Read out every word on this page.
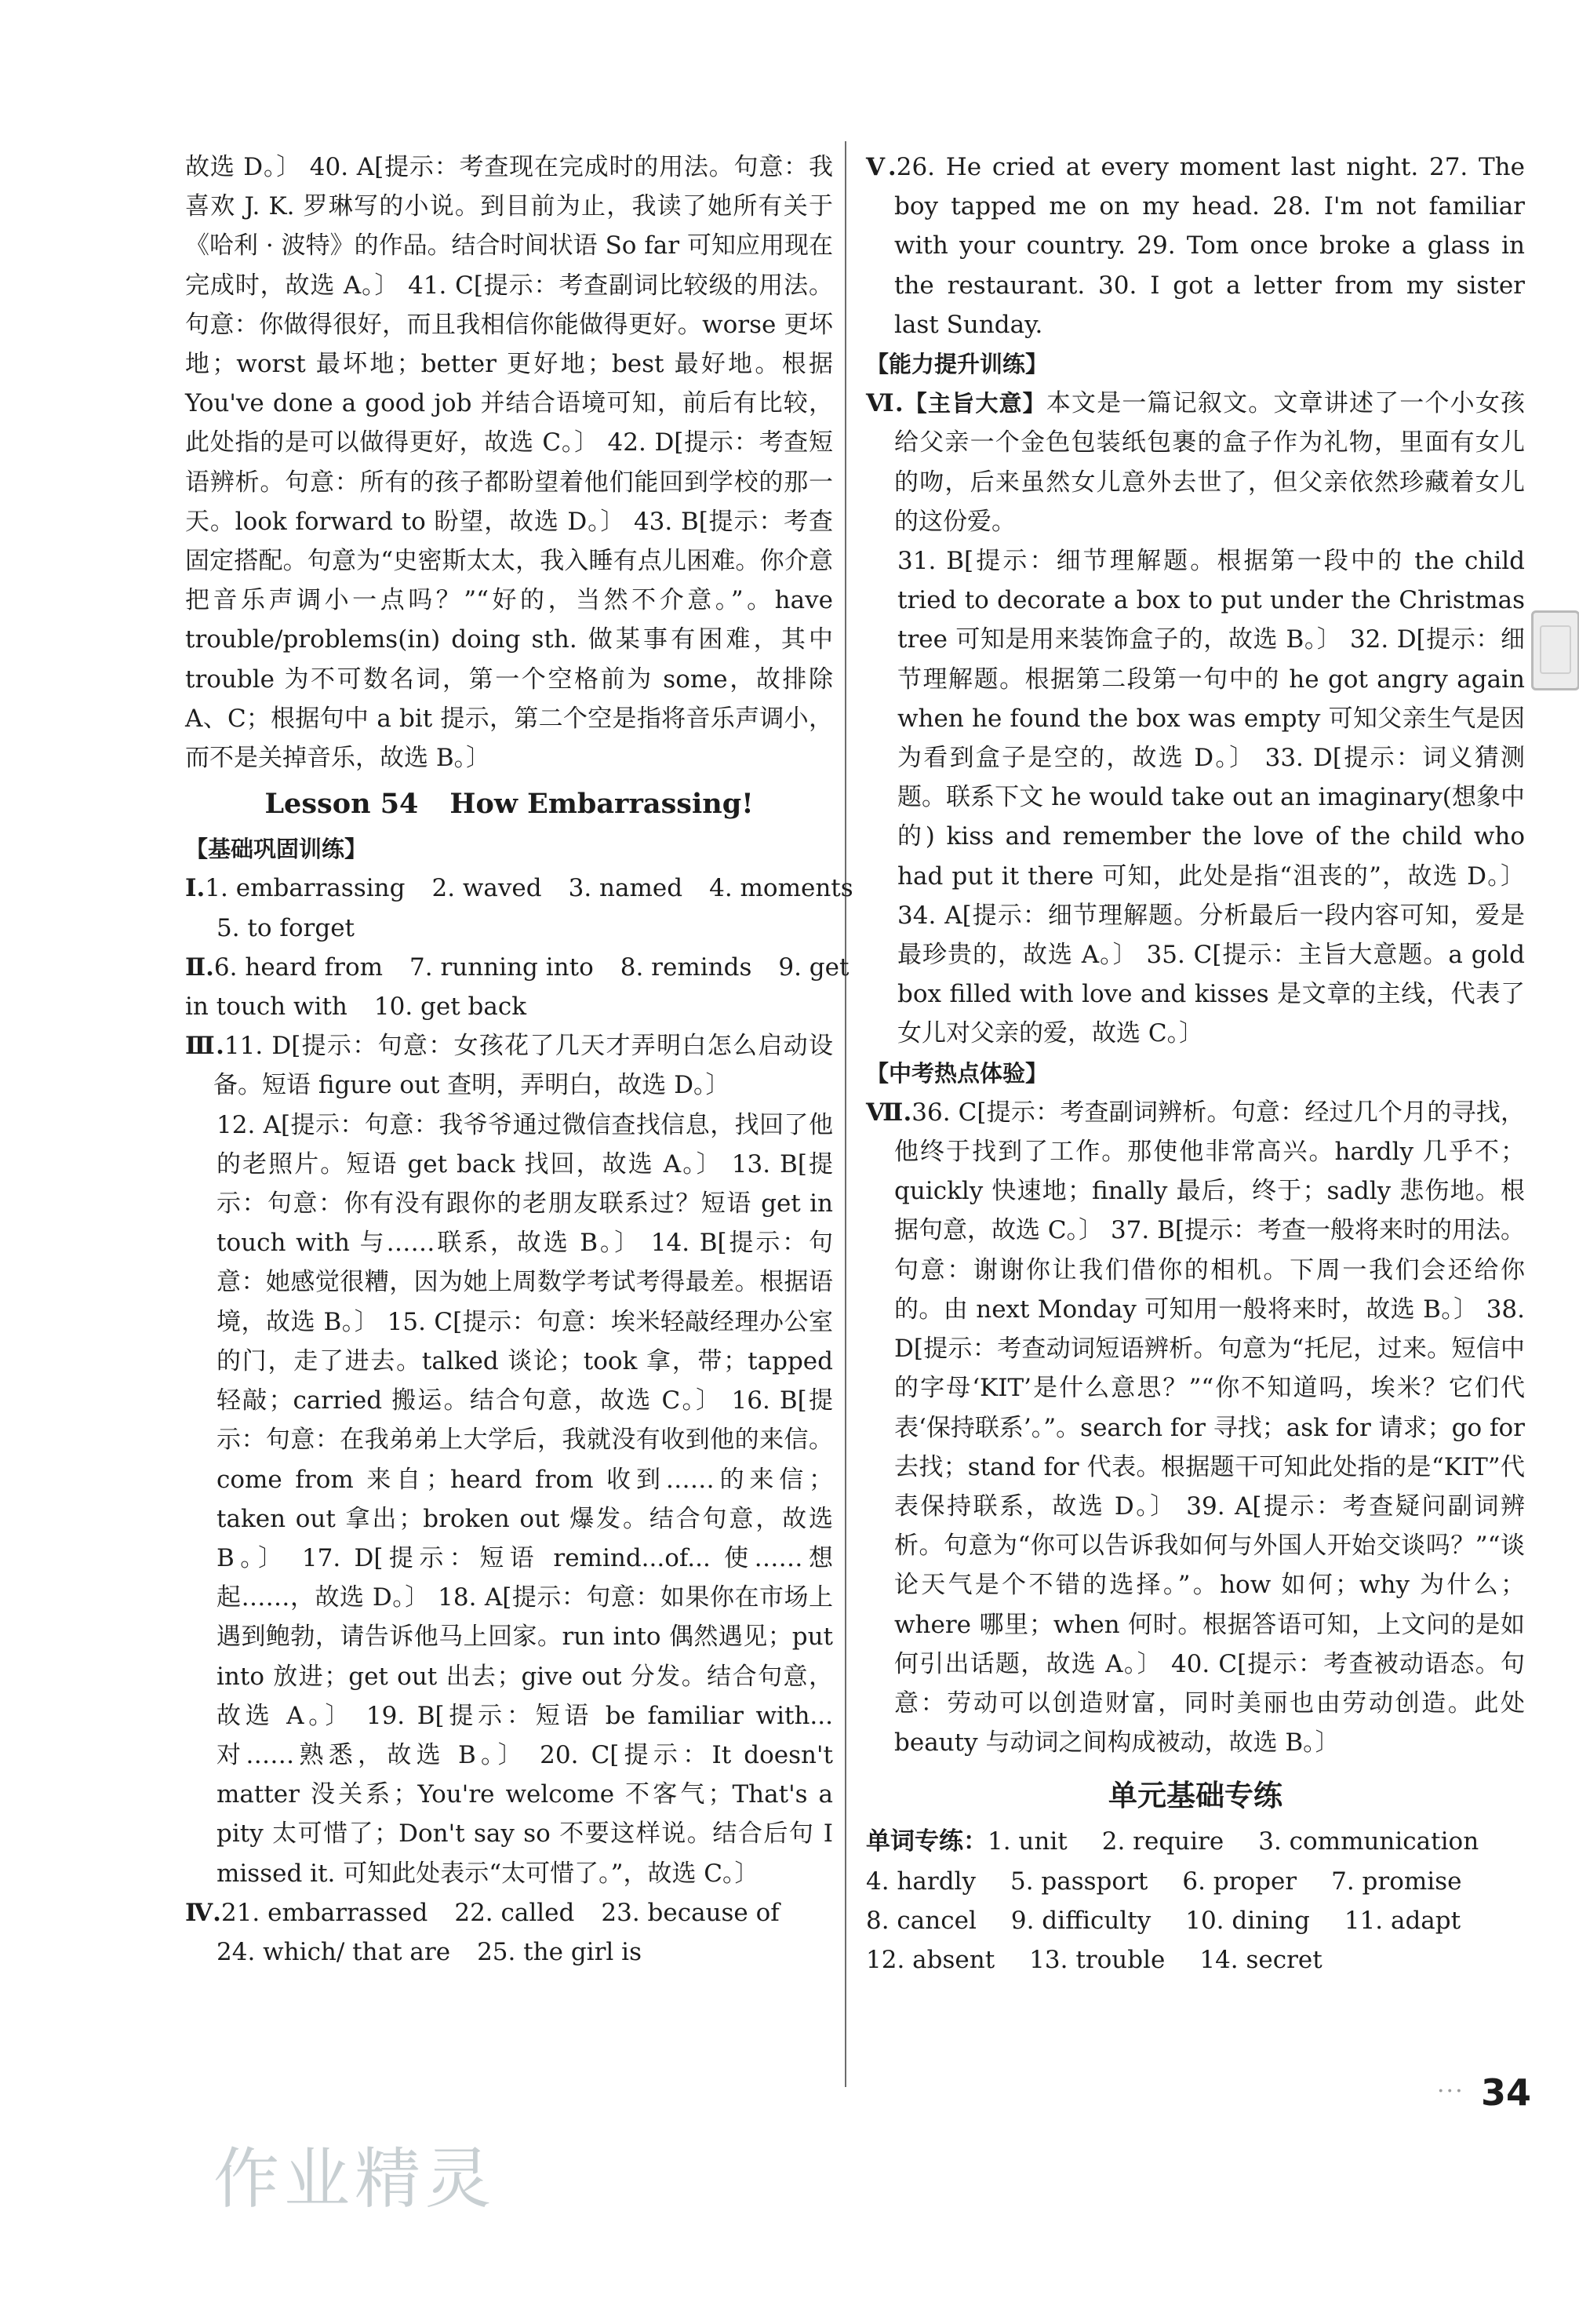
故选 D。〕 40. A[提示：考查现在完成时的用法。句意：我喜欢 J. K. 罗琳写的小说。到目前为止，我读了她所有关于《哈利 · 波特》的作品。结合时间状语 So far 可知应用现在完成时，故选 A。〕 41. C[提示：考查副词比较级的用法。句意：你做得很好，而且我相信你能做得更好。worse 更坏地；worst 最坏地；better 更好地；best 最好地。根据 You've done a good job 并结合语境可知，前后有比较，此处指的是可以做得更好，故选 C。〕 42. D[提示：考查短语辨析。句意：所有的孩子都盼望着他们能回到学校的那一天。look forward to 盼望，故选 D。〕 43. B[提示：考查固定搭配。句意为“史密斯太太，我入睡有点儿困难。你介意把音乐声调小一点吗？”“好的，当然不介意。”。have trouble/problems(in) doing sth. 做某事有困难，其中 trouble 为不可数名词，第一个空格前为 some，故排除 A、C；根据句中 a bit 提示，第二个空是指将音乐声调小，而不是关掉音乐，故选 B。〕

Lesson 54 How Embarrassing!
【基础巩固训练】
Ⅰ.1. embarrassing 2. waved 3. named 4. moments
5. to forget
Ⅱ.6. heard from 7. running into 8. reminds 9. get
in touch with 10. get back

Ⅲ.11. D[提示：句意：女孩花了几天才弄明白怎么启动设备。短语 figure out 查明，弄明白，故选 D。〕

12. A[提示：句意：我爷爷通过微信查找信息，找回了他的老照片。短语 get back 找回，故选 A。〕 13. B[提示：句意：你有没有跟你的老朋友联系过？短语 get in touch with 与……联系，故选 B。〕 14. B[提示：句意：她感觉很糟，因为她上周数学考试考得最差。根据语境，故选 B。〕 15. C[提示：句意：埃米轻敲经理办公室的门，走了进去。talked 谈论；took 拿，带；tapped 轻敲；carried 搬运。结合句意，故选 C。〕 16. B[提示：句意：在我弟弟上大学后，我就没有收到他的来信。come from 来自；heard from 收到……的来信；taken out 拿出；broken out 爆发。结合句意，故选 B。〕 17. D[提示：短语 remind...of... 使……想起……，故选 D。〕 18. A[提示：句意：如果你在市场上遇到鲍勃，请告诉他马上回家。run into 偶然遇见；put into 放进；get out 出去；give out 分发。结合句意，故选 A。〕 19. B[提示：短语 be familiar with... 对……熟悉，故选 B。〕 20. C[提示：It doesn't matter 没关系；You're welcome 不客气；That's a pity 太可惜了；Don't say so 不要这样说。结合后句 I missed it. 可知此处表示“太可惜了。”，故选 C。〕

Ⅳ.21. embarrassed 22. called 23. because of
24. which/ that are 25. the girl is

Ⅴ.26. He cried at every moment last night. 27. The boy tapped me on my head. 28. I'm not familiar with your country. 29. Tom once broke a glass in the restaurant. 30. I got a letter from my sister last Sunday.

【能力提升训练】

Ⅵ.【主旨大意】本文是一篇记叙文。文章讲述了一个小女孩给父亲一个金色包装纸包裹的盒子作为礼物，里面有女儿的吻，后来虽然女儿意外去世了，但父亲依然珍藏着女儿的这份爱。

31. B[提示：细节理解题。根据第一段中的 the child tried to decorate a box to put under the Christmas tree 可知是用来装饰盒子的，故选 B。〕 32. D[提示：细节理解题。根据第二段第一句中的 he got angry again when he found the box was empty 可知父亲生气是因为看到盒子是空的，故选 D。〕 33. D[提示：词义猜测题。联系下文 he would take out an imaginary(想象中的) kiss and remember the love of the child who had put it there 可知，此处是指“沮丧的”，故选 D。〕 34. A[提示：细节理解题。分析最后一段内容可知，爱是最珍贵的，故选 A。〕 35. C[提示：主旨大意题。a gold box filled with love and kisses 是文章的主线，代表了女儿对父亲的爱，故选 C。〕

【中考热点体验】

Ⅶ.36. C[提示：考查副词辨析。句意：经过几个月的寻找，他终于找到了工作。那使他非常高兴。hardly 几乎不；quickly 快速地；finally 最后，终于；sadly 悲伤地。根据句意，故选 C。〕 37. B[提示：考查一般将来时的用法。句意：谢谢你让我们借你的相机。下周一我们会还给你的。由 next Monday 可知用一般将来时，故选 B。〕 38. D[提示：考查动词短语辨析。句意为“托尼，过来。短信中的字母‘KIT’是什么意思？”“你不知道吗，埃米？它们代表‘保持联系’。”。search for 寻找；ask for 请求；go for 去找；stand for 代表。根据题干可知此处指的是“KIT”代表保持联系，故选 D。〕 39. A[提示：考查疑问副词辨析。句意为“你可以告诉我如何与外国人开始交谈吗？”“谈论天气是个不错的选择。”。how 如何；why 为什么；where 哪里；when 何时。根据答语可知，上文问的是如何引出话题，故选 A。〕 40. C[提示：考查被动语态。句意：劳动可以创造财富，同时美丽也由劳动创造。此处 beauty 与动词之间构成被动，故选 B。〕

单元基础专练
单词专练：1. unit 2. require 3. communication
4. hardly 5. passport 6. proper 7. promise
8. cancel 9. difficulty 10. dining 11. adapt
12. absent 13. trouble 14. secret
··· 34
作业精灵
